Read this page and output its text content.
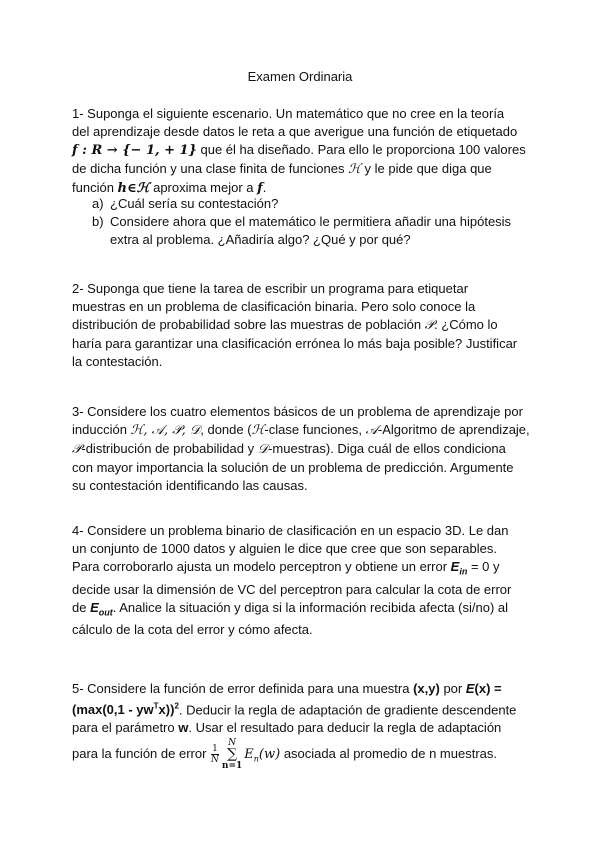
Examen Ordinaria
1- Suponga el siguiente escenario. Un matemático que no cree en la teoría
del aprendizaje desde datos le reta a que averigue una función de etiquetado
f : R → {− 1, + 1} que él ha diseñado. Para ello le proporciona 100 valores
de dicha función y una clase finita de funciones ℋ y le pide que diga que
función h∈ℋ aproxima mejor a f.
a) ¿Cuál sería su contestación?
b) Considere ahora que el matemático le permitiera añadir una hipótesis
extra al problema. ¿Añadiría algo? ¿Qué y por qué?
2- Suponga que tiene la tarea de escribir un programa para etiquetar
muestras en un problema de clasificación binaria. Pero solo conoce la
distribución de probabilidad sobre las muestras de población 𝒫. ¿Cómo lo
haría para garantizar una clasificación errónea lo más baja posible? Justificar
la contestación.
3- Considere los cuatro elementos básicos de un problema de aprendizaje por
inducción ℋ, 𝒜, 𝒫, 𝒟, donde (ℋ-clase funciones, 𝒜-Algoritmo de aprendizaje,
𝒫-distribución de probabilidad y 𝒟-muestras). Diga cuál de ellos condiciona
con mayor importancia la solución de un problema de predicción. Argumente
su contestación identificando las causas.
4- Considere un problema binario de clasificación en un espacio 3D. Le dan
un conjunto de 1000 datos y alguien le dice que cree que son separables.
Para corroborarlo ajusta un modelo perceptron y obtiene un error $E_{in} = 0$ y
decide usar la dimensión de VC del perceptron para calcular la cota de error
de $E_{out}$. Analice la situación y diga si la información recibida afecta (si/no) al
cálculo de la cota del error y cómo afecta.
5- Considere la función de error definida para una muestra (x,y) por E(x) =
$(\max(0,1 - yw^Tx))^2$. Deducir la regla de adaptación de gradiente descendente
para el parámetro w. Usar el resultado para deducir la regla de adaptación
para la función de error $\frac{1}{N}$
N
∑
n=1
$E_n(w)$ asociada al promedio de n muestras.
